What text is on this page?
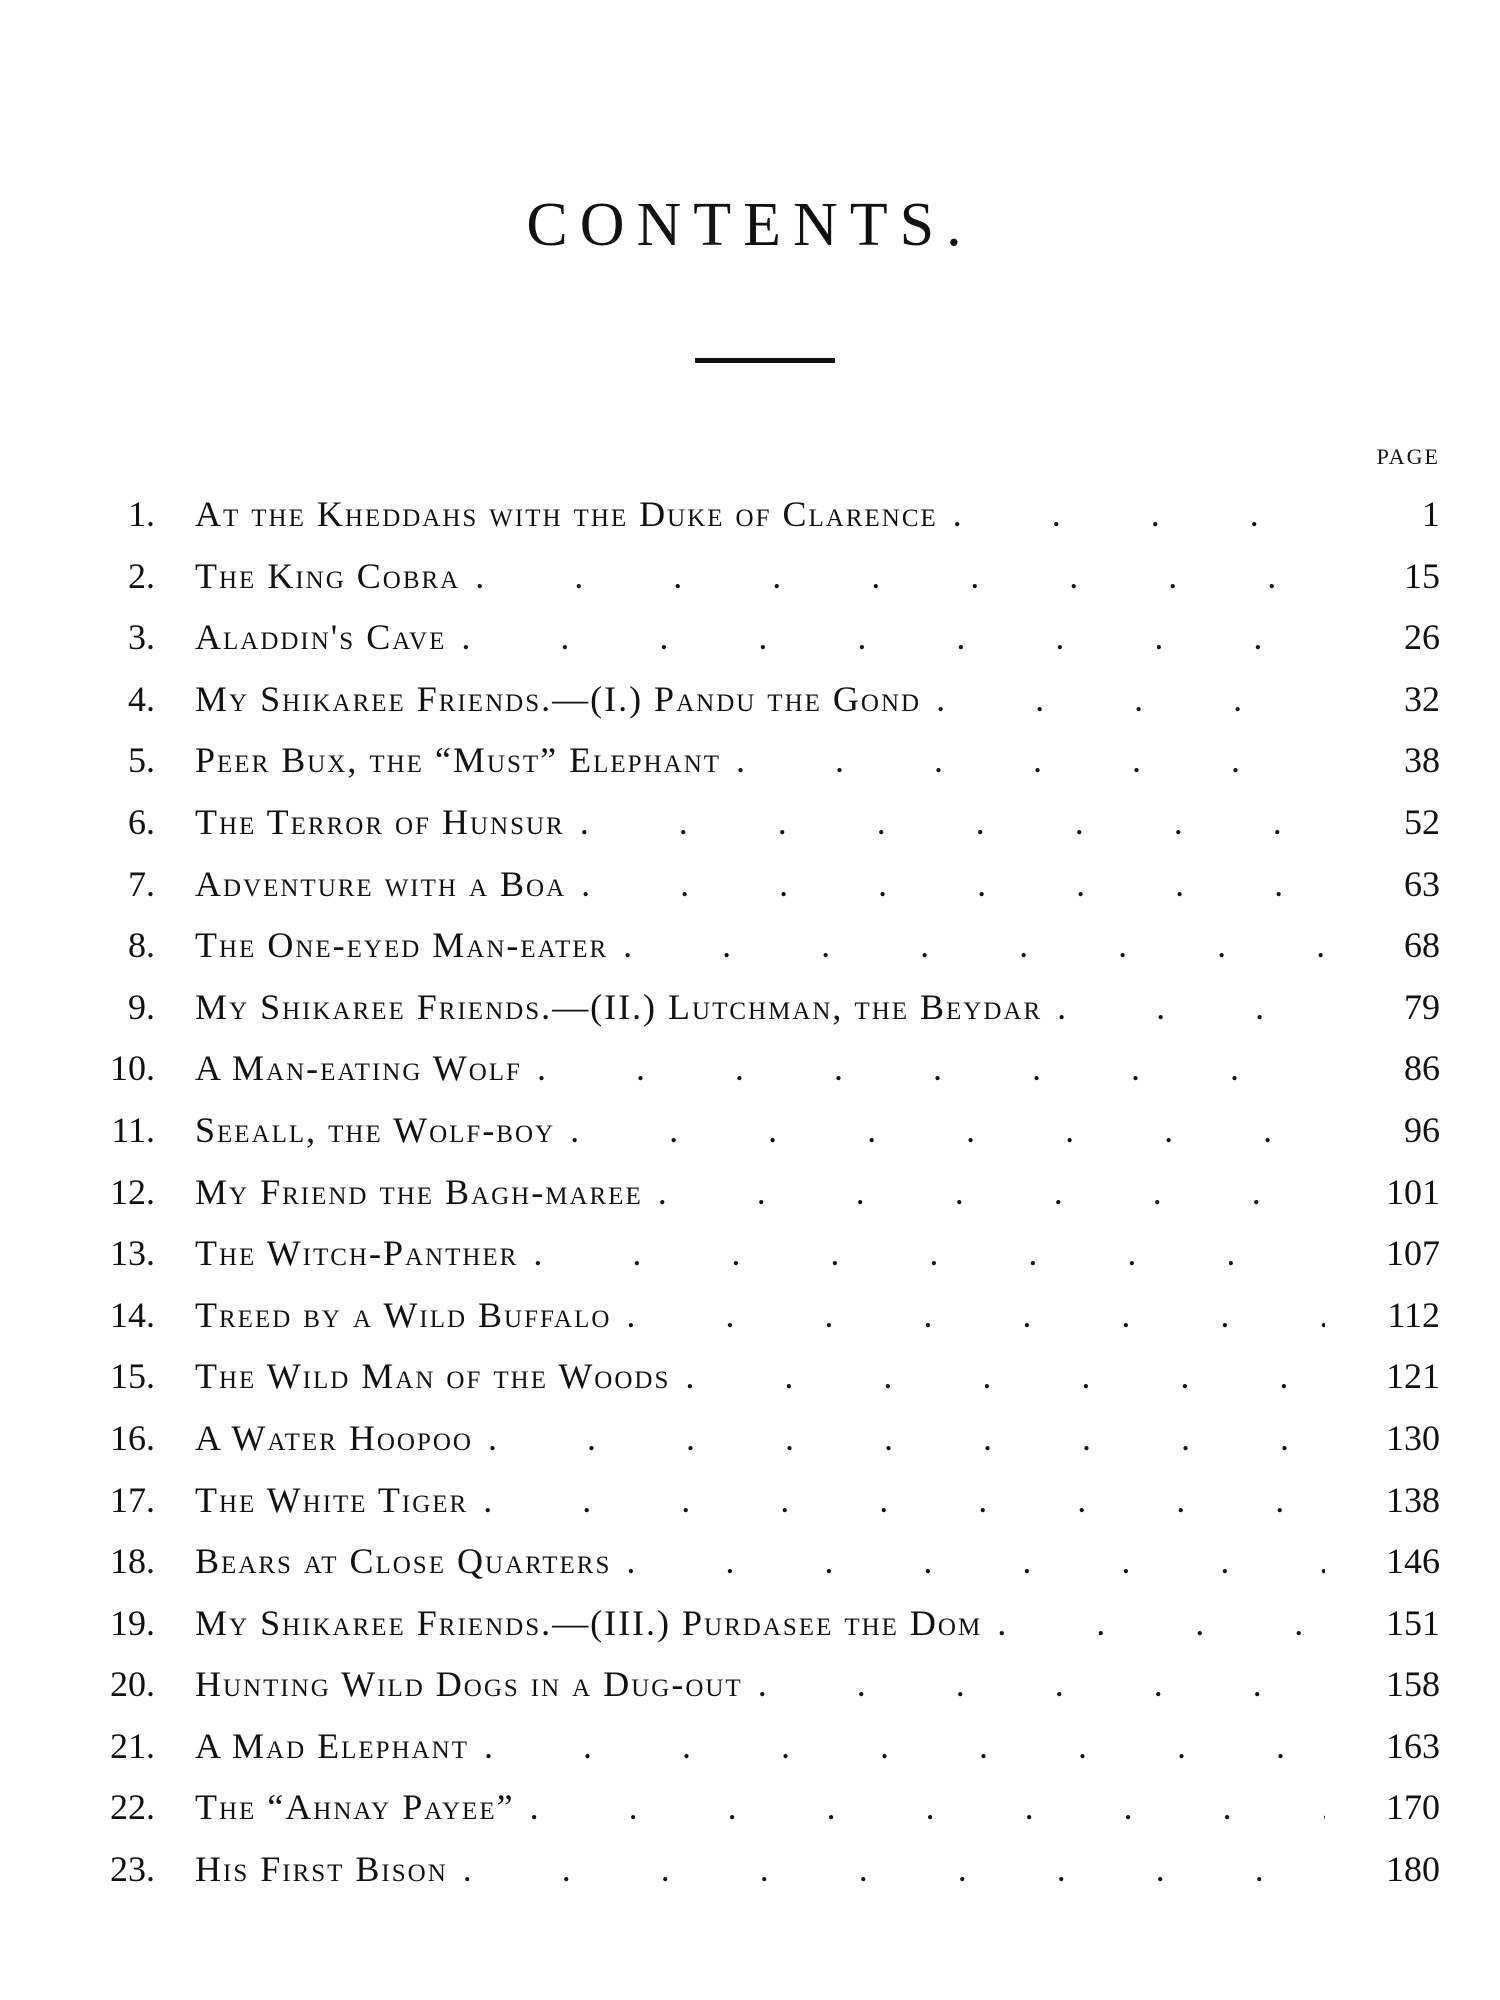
CONTENTS.
PAGE
1. At the Kheddahs with the Duke of Clarence .	1
2. The King Cobra .	15
3. Aladdin's Cave .	26
4. My Shikaree Friends.—(I.) Pandu the Gond .	32
5. Peer Bux, the “Must” Elephant .	38
6. The Terror of Hunsur .	52
7. Adventure with a Boa .	63
8. The One-eyed Man-eater .	68
9. My Shikaree Friends.—(II.) Lutchman, the Beydar .	79
10. A Man-eating Wolf .	86
11. Seeall, the Wolf-boy .	96
12. My Friend the Bagh-maree .	101
13. The Witch-Panther .	107
14. Treed by a Wild Buffalo .	112
15. The Wild Man of the Woods .	121
16. A Water Hoopoo .	130
17. The White Tiger .	138
18. Bears at Close Quarters .	146
19. My Shikaree Friends.—(III.) Purdasee the Dom .	151
20. Hunting Wild Dogs in a Dug-out .	158
21. A Mad Elephant .	163
22. The “Ahnay Payee” .	170
23. His First Bison .	180
